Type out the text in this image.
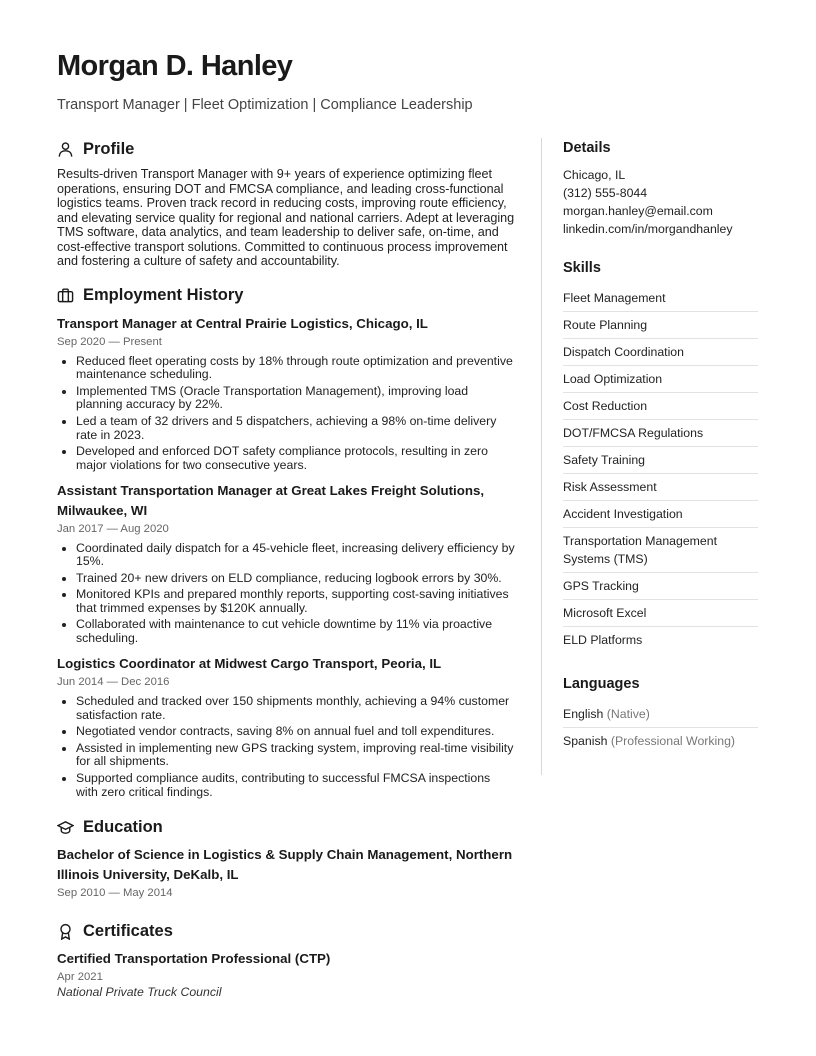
Morgan D. Hanley

Transport Manager | Fleet Optimization | Compliance Leadership

Profile
Results-driven Transport Manager with 9+ years of experience optimizing fleet operations, ensuring DOT and FMCSA compliance, and leading cross-functional logistics teams. Proven track record in reducing costs, improving route efficiency, and elevating service quality for regional and national carriers. Adept at leveraging TMS software, data analytics, and team leadership to deliver safe, on-time, and cost-effective transport solutions. Committed to continuous process improvement and fostering a culture of safety and accountability.
Employment History
Transport Manager at Central Prairie Logistics, Chicago, IL
Sep 2020 — Present
• Reduced fleet operating costs by 18% through route optimization and preventive maintenance scheduling.
• Implemented TMS (Oracle Transportation Management), improving load planning accuracy by 22%.
• Led a team of 32 drivers and 5 dispatchers, achieving a 98% on-time delivery rate in 2023.
• Developed and enforced DOT safety compliance protocols, resulting in zero major violations for two consecutive years.
Assistant Transportation Manager at Great Lakes Freight Solutions, Milwaukee, WI
Jan 2017 — Aug 2020
• Coordinated daily dispatch for a 45-vehicle fleet, increasing delivery efficiency by 15%.
• Trained 20+ new drivers on ELD compliance, reducing logbook errors by 30%.
• Monitored KPIs and prepared monthly reports, supporting cost-saving initiatives that trimmed expenses by $120K annually.
• Collaborated with maintenance to cut vehicle downtime by 11% via proactive scheduling.
Logistics Coordinator at Midwest Cargo Transport, Peoria, IL
Jun 2014 — Dec 2016
• Scheduled and tracked over 150 shipments monthly, achieving a 94% customer satisfaction rate.
• Negotiated vendor contracts, saving 8% on annual fuel and toll expenditures.
• Assisted in implementing new GPS tracking system, improving real-time visibility for all shipments.
• Supported compliance audits, contributing to successful FMCSA inspections with zero critical findings.
Education
Bachelor of Science in Logistics & Supply Chain Management, Northern Illinois University, DeKalb, IL
Sep 2010 — May 2014
Certificates
Certified Transportation Professional (CTP)
Apr 2021
National Private Truck Council
Details
Chicago, IL
(312) 555-8044
morgan.hanley@email.com
linkedin.com/in/morgandhanley
Skills
Fleet Management
Route Planning
Dispatch Coordination
Load Optimization
Cost Reduction
DOT/FMCSA Regulations
Safety Training
Risk Assessment
Accident Investigation
Transportation Management Systems (TMS)
GPS Tracking
Microsoft Excel
ELD Platforms
Languages
English (Native)
Spanish (Professional Working)
